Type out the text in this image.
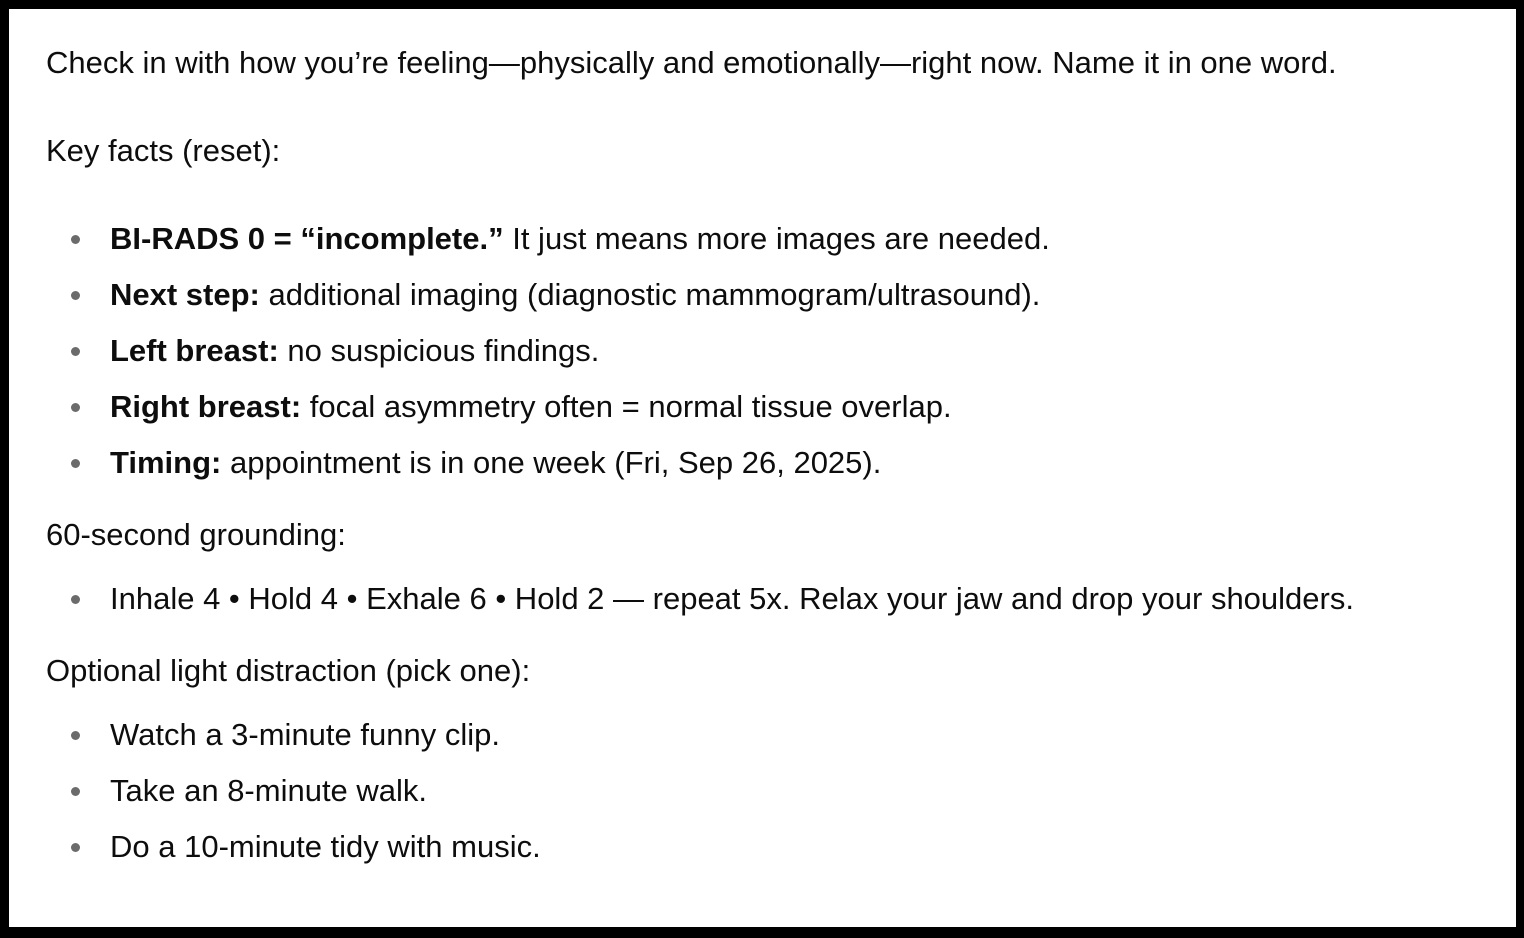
Check in with how you’re feeling—physically and emotionally—right now. Name it in one word.

Key facts (reset):

BI-RADS 0 = “incomplete.” It just means more images are needed.
Next step: additional imaging (diagnostic mammogram/ultrasound).
Left breast: no suspicious findings.
Right breast: focal asymmetry often = normal tissue overlap.
Timing: appointment is in one week (Fri, Sep 26, 2025).

60-second grounding:

Inhale 4 • Hold 4 • Exhale 6 • Hold 2 — repeat 5x. Relax your jaw and drop your shoulders.

Optional light distraction (pick one):

Watch a 3-minute funny clip.
Take an 8-minute walk.
Do a 10-minute tidy with music.
